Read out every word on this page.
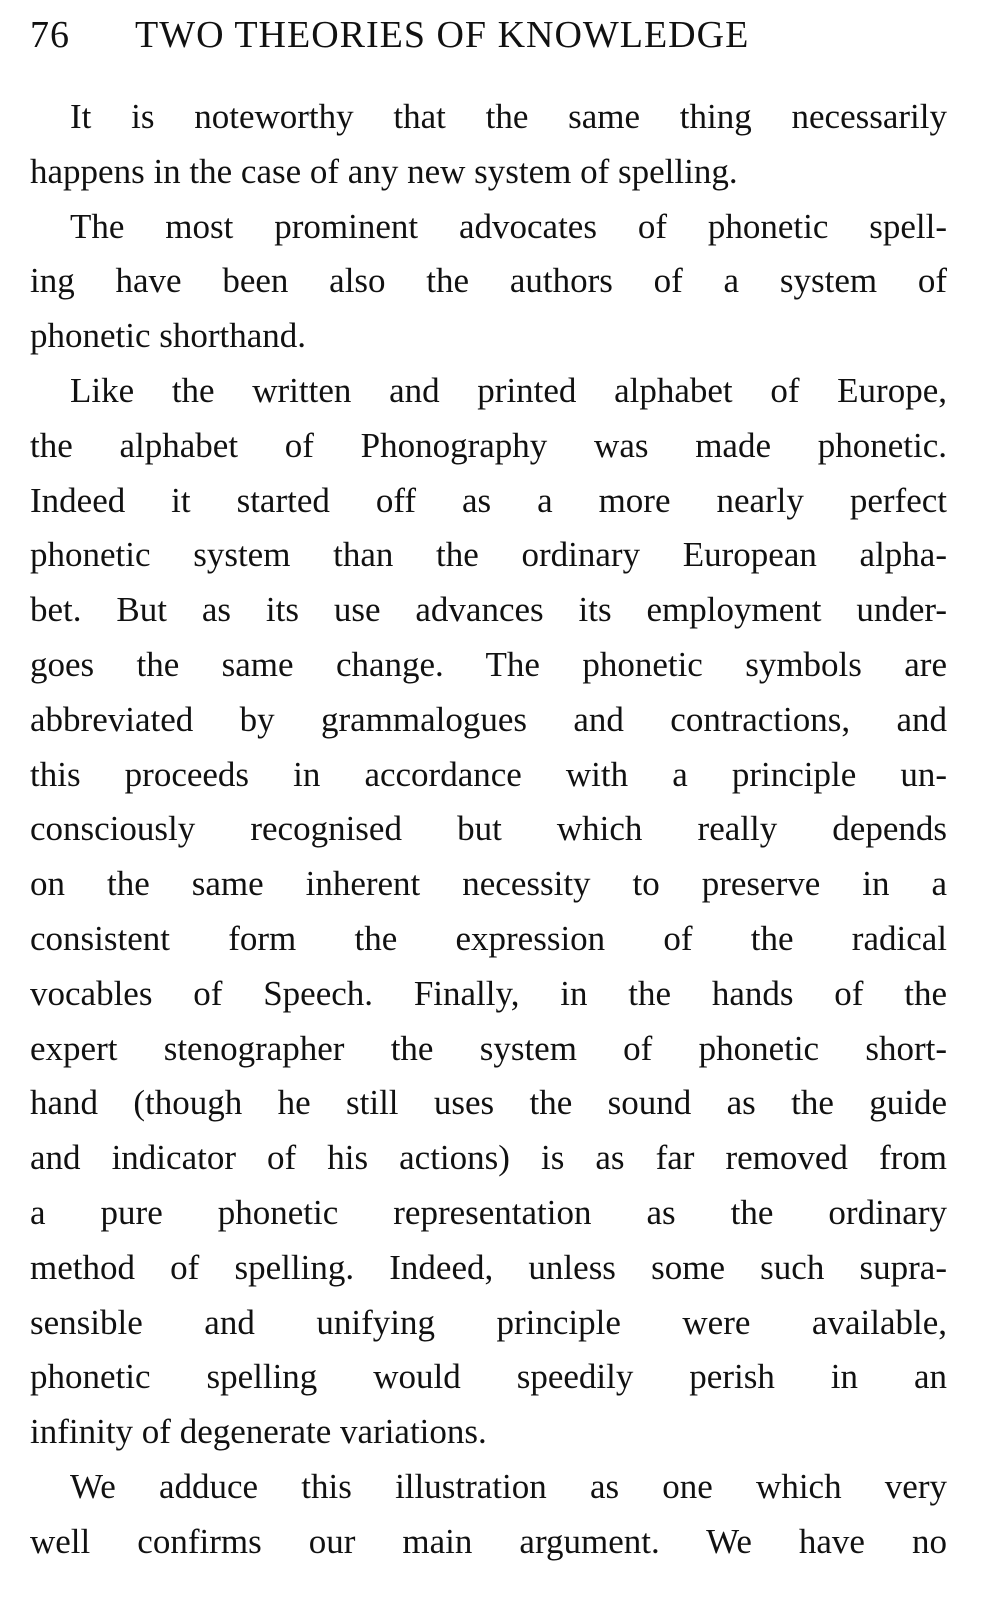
76 TWO THEORIES OF KNOWLEDGE
It is noteworthy that the same thing necessarily
happens in the case of any new system of spelling.
The most prominent advocates of phonetic spell-
ing have been also the authors of a system of
phonetic shorthand.
Like the written and printed alphabet of Europe,
the alphabet of Phonography was made phonetic.
Indeed it started off as a more nearly perfect
phonetic system than the ordinary European alpha-
bet. But as its use advances its employment under-
goes the same change. The phonetic symbols are
abbreviated by grammalogues and contractions, and
this proceeds in accordance with a principle un-
consciously recognised but which really depends
on the same inherent necessity to preserve in a
consistent form the expression of the radical
vocables of Speech. Finally, in the hands of the
expert stenographer the system of phonetic short-
hand (though he still uses the sound as the guide
and indicator of his actions) is as far removed from
a pure phonetic representation as the ordinary
method of spelling. Indeed, unless some such supra-
sensible and unifying principle were available,
phonetic spelling would speedily perish in an
infinity of degenerate variations.
We adduce this illustration as one which very
well confirms our main argument. We have no
